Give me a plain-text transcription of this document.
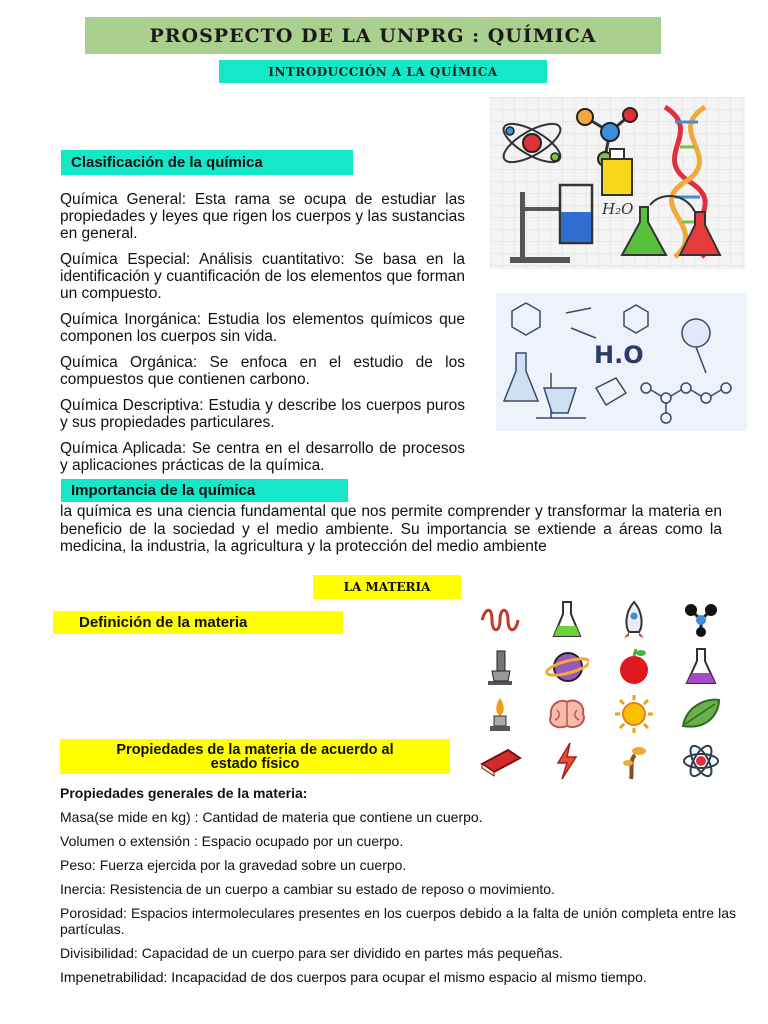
PROSPECTO DE LA UNPRG : QUÍMICA
INTRODUCCIÓN A LA QUÍMICA
Clasificación de la química

Química General: Esta rama se ocupa de estudiar las propiedades y leyes que rigen los cuerpos y las sustancias en general.

Química Especial: Análisis cuantitativo: Se basa en la identificación y cuantificación de los elementos que forman un compuesto.

Química Inorgánica: Estudia los elementos químicos que componen los cuerpos sin vida.

Química Orgánica: Se enfoca en el estudio de los compuestos que contienen carbono.

Química Descriptiva: Estudia y describe los cuerpos puros y sus propiedades particulares.

Química Aplicada: Se centra en el desarrollo de procesos y aplicaciones prácticas de la química.

H₂O
H.O
Importancia de la química

la química es una ciencia fundamental que nos permite comprender y transformar la materia en beneficio de la sociedad y el medio ambiente. Su importancia se extiende a áreas como la medicina, la industria, la agricultura y la protección del medio ambiente

LA MATERIA
Definición de la materia
Propiedades de la materia de acuerdo al estado físico

Propiedades generales de la materia:

Masa(se mide en kg) : Cantidad de materia que contiene un cuerpo.

Volumen o extensión : Espacio ocupado por un cuerpo.

Peso: Fuerza ejercida por la gravedad sobre un cuerpo.

Inercia: Resistencia de un cuerpo a cambiar su estado de reposo o movimiento.

Porosidad: Espacios intermoleculares presentes en los cuerpos debido a la falta de unión completa entre las partículas.

Divisibilidad: Capacidad de un cuerpo para ser dividido en partes más pequeñas.

Impenetrabilidad: Incapacidad de dos cuerpos para ocupar el mismo espacio al mismo tiempo.
